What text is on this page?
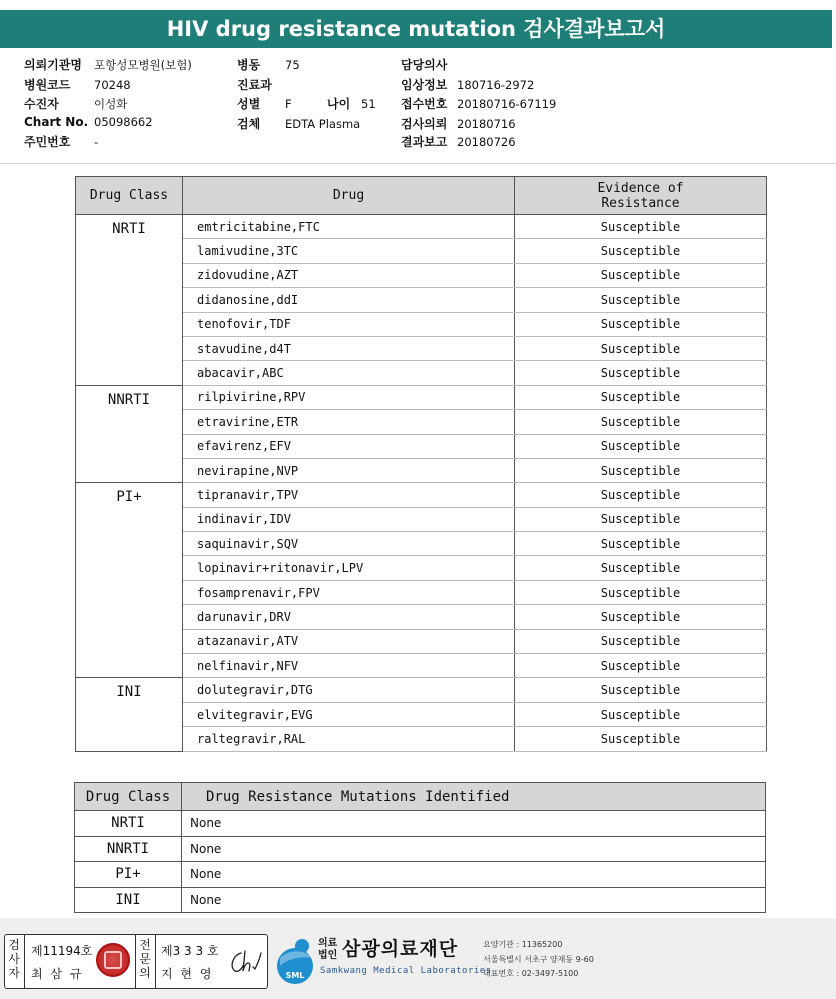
HIV drug resistance mutation 검사결과보고서
의뢰기관명 포항성모병원(보험)
병원코드 70248
수진자	이성화
Chart No. 05098662
주민번호 -
병동 75
진료과
성별 F	나이 51
검체 EDTA Plasma
담당의사
임상정보 180716-2972
접수번호 20180716-67119
검사의뢰 20180716
결과보고 20180726
Drug Class	Drug	Evidence of Resistance
NRTI	emtricitabine,FTC	Susceptible
	lamivudine,3TC	Susceptible
	zidovudine,AZT	Susceptible
	didanosine,ddI	Susceptible
	tenofovir,TDF	Susceptible
	stavudine,d4T	Susceptible
	abacavir,ABC	Susceptible
NNRTI	rilpivirine,RPV	Susceptible
	etravirine,ETR	Susceptible
	efavirenz,EFV	Susceptible
	nevirapine,NVP	Susceptible
PI+	tipranavir,TPV	Susceptible
	indinavir,IDV	Susceptible
	saquinavir,SQV	Susceptible
	lopinavir+ritonavir,LPV	Susceptible
	fosamprenavir,FPV	Susceptible
	darunavir,DRV	Susceptible
	atazanavir,ATV	Susceptible
	nelfinavir,NFV	Susceptible
INI	dolutegravir,DTG	Susceptible
	elvitegravir,EVG	Susceptible
	raltegravir,RAL	Susceptible
Drug Class	Drug Resistance Mutations Identified
NRTI	None
NNRTI	None
PI+	None
INI	None
검사자
제11194호
최 삼 규
전문의
제3 3 3 호
지 현 영	SML
의료법인 삼광의료재단
Samkwang Medical Laboratories
요양기관 : 11365200
서울특별시 서초구 양재동 9-60
대표번호 : 02-3497-5100
